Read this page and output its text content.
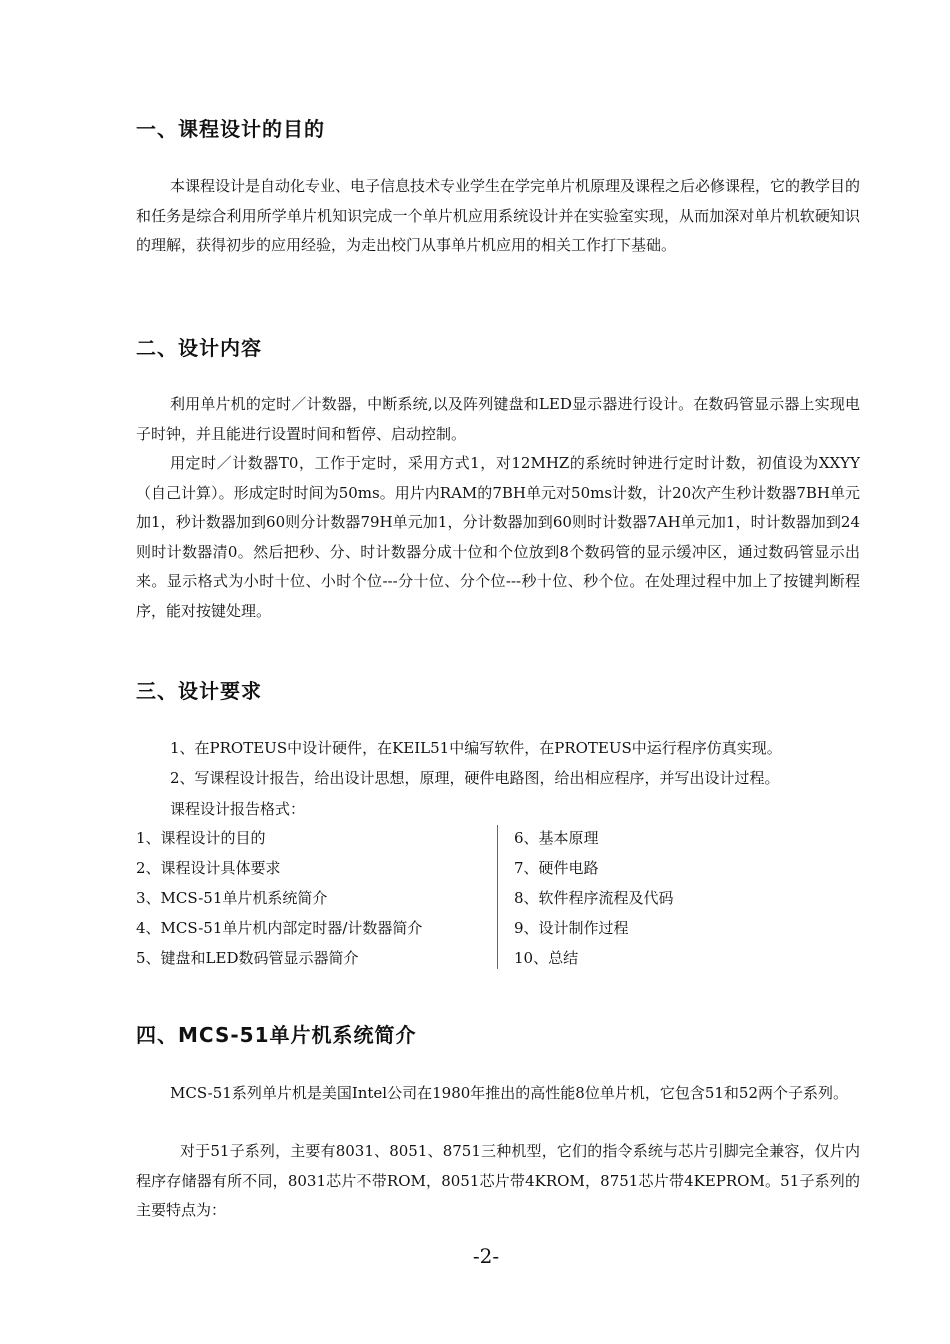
一、课程设计的目的
本课程设计是自动化专业、电子信息技术专业学生在学完单片机原理及课程之后必修课程，它的教学目的和任务是综合利用所学单片机知识完成一个单片机应用系统设计并在实验室实现，从而加深对单片机软硬知识的理解，获得初步的应用经验，为走出校门从事单片机应用的相关工作打下基础。
二、设计内容
利用单片机的定时／计数器，中断系统,以及阵列键盘和LED显示器进行设计。在数码管显示器上实现电子时钟，并且能进行设置时间和暂停、启动控制。
用定时／计数器T0，工作于定时，采用方式1，对12MHZ的系统时钟进行定时计数，初值设为XXYY（自己计算）。形成定时时间为50ms。用片内RAM的7BH单元对50ms计数，计20次产生秒计数器7BH单元加1，秒计数器加到60则分计数器79H单元加1，分计数器加到60则时计数器7AH单元加1，时计数器加到24则时计数器清0。然后把秒、分、时计数器分成十位和个位放到8个数码管的显示缓冲区，通过数码管显示出来。显示格式为小时十位、小时个位---分十位、分个位---秒十位、秒个位。在处理过程中加上了按键判断程序，能对按键处理。
三、设计要求
1、在PROTEUS中设计硬件，在KEIL51中编写软件，在PROTEUS中运行程序仿真实现。
2、写课程设计报告，给出设计思想，原理，硬件电路图，给出相应程序，并写出设计过程。
课程设计报告格式：
1、课程设计的目的
2、课程设计具体要求
3、MCS-51单片机系统简介
4、MCS-51单片机内部定时器/计数器简介
5、键盘和LED数码管显示器简介
6、基本原理
7、硬件电路
8、软件程序流程及代码
9、设计制作过程
10、总结
四、MCS-51单片机系统简介
MCS-51系列单片机是美国Intel公司在1980年推出的高性能8位单片机，它包含51和52两个子系列。
对于51子系列，主要有8031、8051、8751三种机型，它们的指令系统与芯片引脚完全兼容，仅片内程序存储器有所不同，8031芯片不带ROM，8051芯片带4KROM，8751芯片带4KEPROM。51子系列的主要特点为：
-2-
